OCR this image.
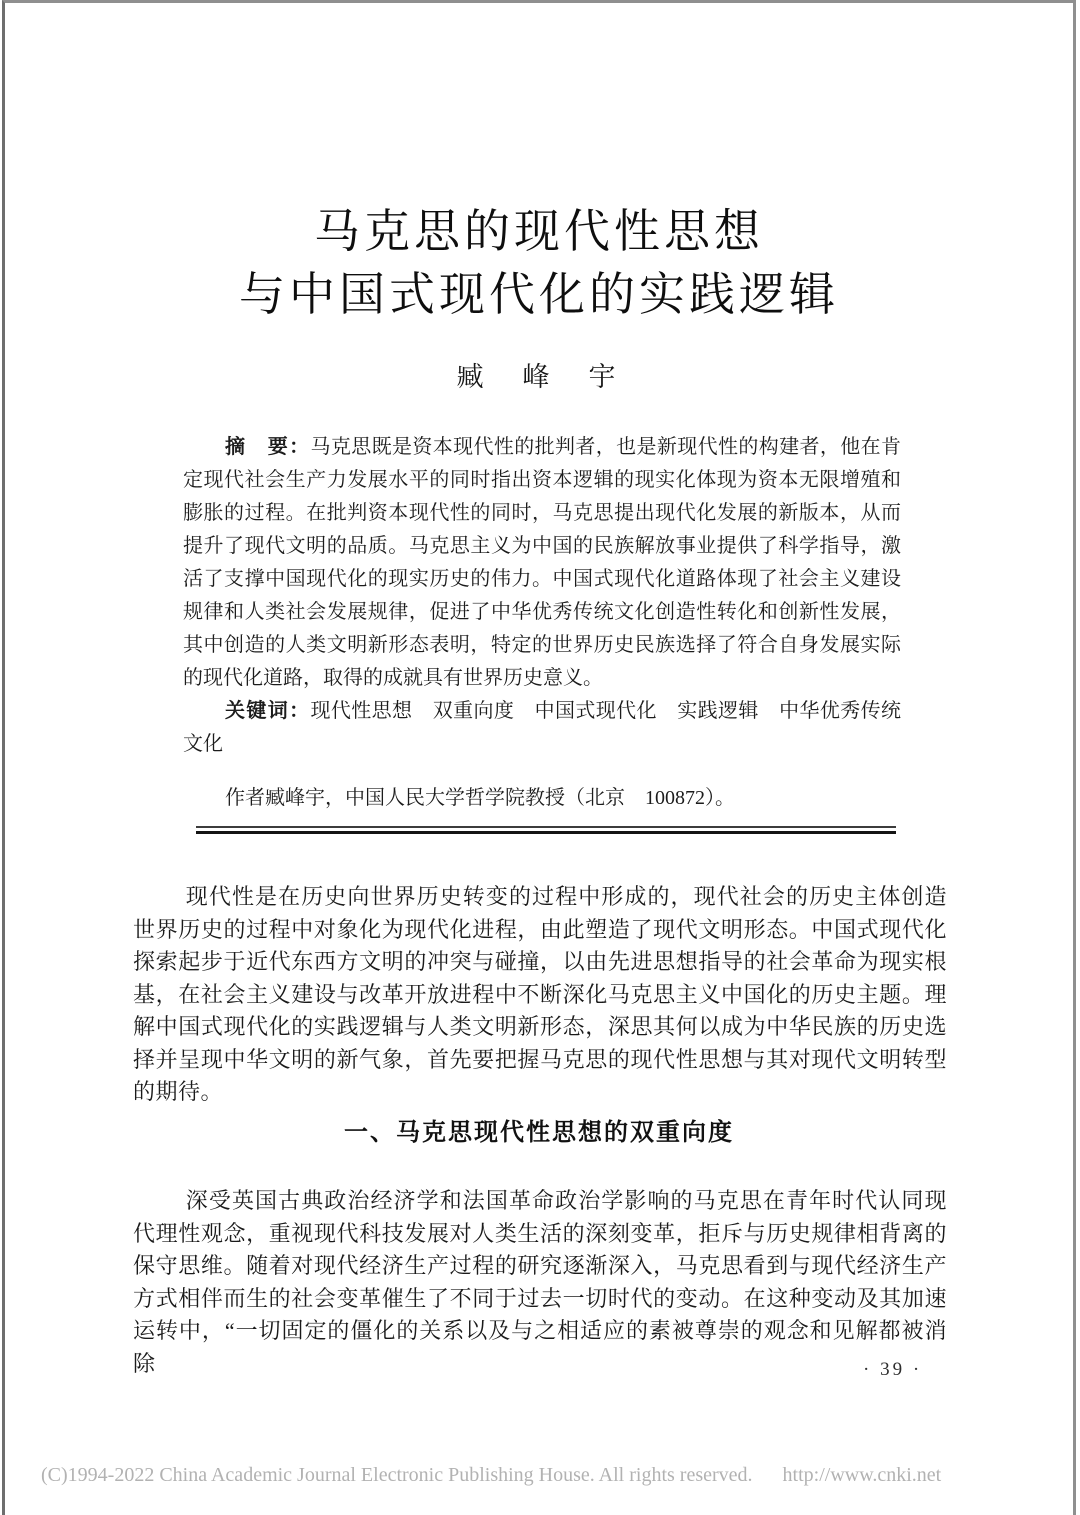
马克思的现代性思想
与中国式现代化的实践逻辑
臧　峰　宇

摘　要：马克思既是资本现代性的批判者，也是新现代性的构建者，他在肯定现代社会生产力发展水平的同时指出资本逻辑的现实化体现为资本无限增殖和膨胀的过程。在批判资本现代性的同时，马克思提出现代化发展的新版本，从而提升了现代文明的品质。马克思主义为中国的民族解放事业提供了科学指导，激活了支撑中国现代化的现实历史的伟力。中国式现代化道路体现了社会主义建设规律和人类社会发展规律，促进了中华优秀传统文化创造性转化和创新性发展，其中创造的人类文明新形态表明，特定的世界历史民族选择了符合自身发展实际的现代化道路，取得的成就具有世界历史意义。

关键词：现代性思想　双重向度　中国式现代化　实践逻辑　中华优秀传统文化

作者臧峰宇，中国人民大学哲学院教授（北京　100872）。

现代性是在历史向世界历史转变的过程中形成的，现代社会的历史主体创造世界历史的过程中对象化为现代化进程，由此塑造了现代文明形态。中国式现代化探索起步于近代东西方文明的冲突与碰撞，以由先进思想指导的社会革命为现实根基，在社会主义建设与改革开放进程中不断深化马克思主义中国化的历史主题。理解中国式现代化的实践逻辑与人类文明新形态，深思其何以成为中华民族的历史选择并呈现中华文明的新气象，首先要把握马克思的现代性思想与其对现代文明转型的期待。

一、马克思现代性思想的双重向度

深受英国古典政治经济学和法国革命政治学影响的马克思在青年时代认同现代理性观念，重视现代科技发展对人类生活的深刻变革，拒斥与历史规律相背离的保守思维。随着对现代经济生产过程的研究逐渐深入，马克思看到与现代经济生产方式相伴而生的社会变革催生了不同于过去一切时代的变动。在这种变动及其加速运转中，“一切固定的僵化的关系以及与之相适应的素被尊崇的观念和见解都被消除	· 39 ·
(C)1994-2022 China Academic Journal Electronic Publishing House. All rights reserved. http://www.cnki.net
